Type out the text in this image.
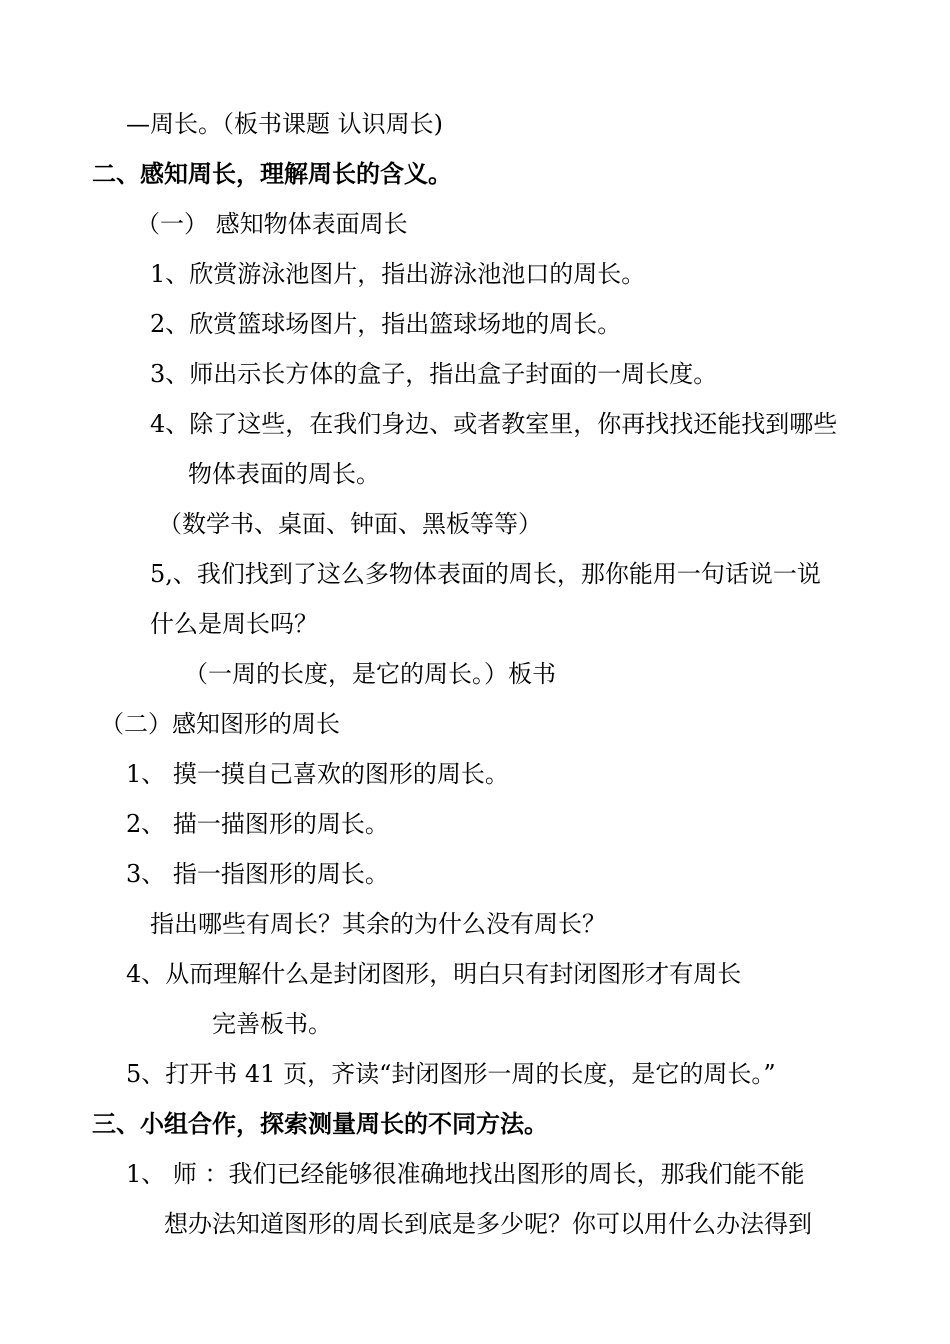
—周长。（板书课题 认识周长)
二、感知周长，理解周长的含义。
（一） 感知物体表面周长
1、欣赏游泳池图片，指出游泳池池口的周长。
2、欣赏篮球场图片，指出篮球场地的周长。
3、师出示长方体的盒子，指出盒子封面的一周长度。
4、除了这些，在我们身边、或者教室里，你再找找还能找到哪些
物体表面的周长。
（数学书、桌面、钟面、黑板等等）
5,、我们找到了这么多物体表面的周长，那你能用一句话说一说
什么是周长吗？
（一周的长度，是它的周长。）板书
（二）感知图形的周长
1、 摸一摸自己喜欢的图形的周长。
2、 描一描图形的周长。
3、 指一指图形的周长。
指出哪些有周长？其余的为什么没有周长？
4、从而理解什么是封闭图形，明白只有封闭图形才有周长
完善板书。
5、打开书 41 页，齐读“封闭图形一周的长度，是它的周长。”
三、小组合作，探索测量周长的不同方法。
1、 师 ：我们已经能够很准确地找出图形的周长，那我们能不能
想办法知道图形的周长到底是多少呢？你可以用什么办法得到
